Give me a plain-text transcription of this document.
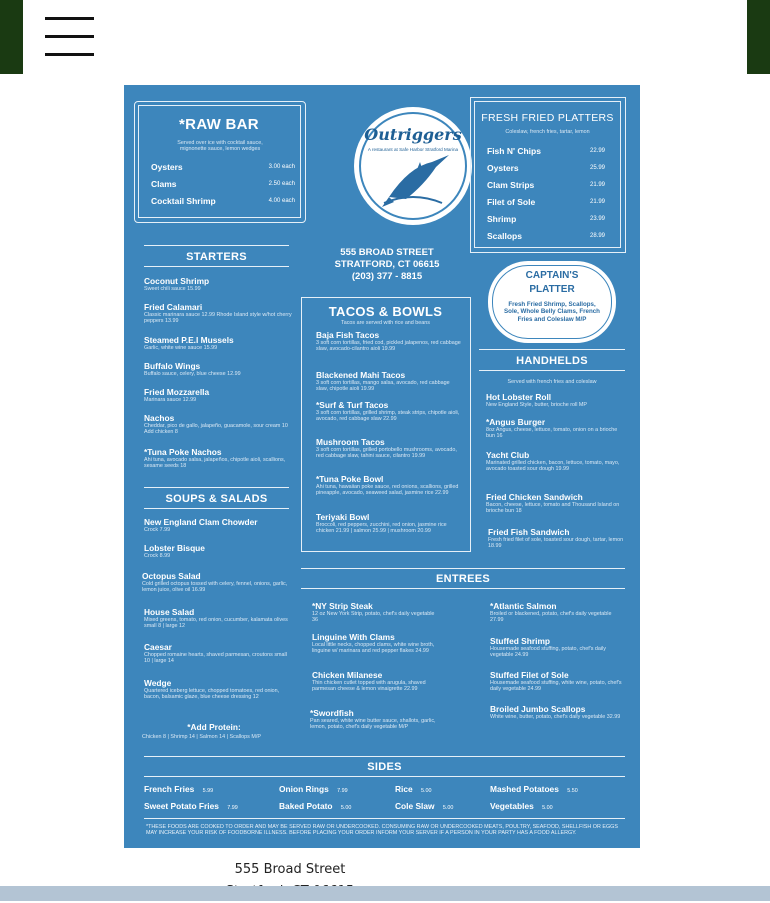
*RAW BAR
Served over ice with cocktail sauce, mignonette sauce, lemon wedges
Oysters	3.00 each
Clams	2.50 each
Cocktail Shrimp	4.00 each
Outriggers
A restaurant at Safe Harbor Stratford Marina
555 BROAD STREET
STRATFORD, CT 06615
(203) 377 - 8815
FRESH FRIED PLATTERS
Coleslaw, french fries, tartar, lemon
Fish N' Chips	22.99
Oysters	25.99
Clam Strips	21.99
Filet of Sole	21.99
Shrimp	23.99
Scallops	28.99
CAPTAIN'S
PLATTER
Fresh Fried Shrimp, Scallops, Sole, Whole Belly Clams, French Fries and Coleslaw M/P
STARTERS
Coconut Shrimp
Sweet chili sauce 15.99
Fried Calamari
Classic marinara sauce 12.99 Rhode Island style w/hot cherry peppers 13.99
Steamed P.E.I Mussels
Garlic, white wine sauce 15.99
Buffalo Wings
Buffalo sauce, celery, blue cheese 12.99
Fried Mozzarella
Marinara sauce 12.99
Nachos
Cheddar, pico de gallo, jalapeño, guacamole, sour cream 10 Add chicken 8
*Tuna Poke Nachos
Ahi tuna, avocado salsa, jalapeños, chipotle aioli, scallions, sesame seeds 18
SOUPS & SALADS
New England Clam Chowder
Crock 7.99
Lobster Bisque
Crock 8.99
Octopus Salad
Cold grilled octopus tossed with celery, fennel, onions, garlic, lemon juice, olive oil 16.99
House Salad
Mixed greens, tomato, red onion, cucumber, kalamata olives small 8 | large 12
Caesar
Chopped romaine hearts, shaved parmesan, croutons small 10 | large 14
Wedge
Quartered iceberg lettuce, chopped tomatoes, red onion, bacon, balsamic glaze, blue cheese dressing 12
*Add Protein:
Chicken 8 | Shrimp 14 | Salmon 14 | Scallops M/P
TACOS & BOWLS
Tacos are served with rice and beans
Baja Fish Tacos
3 soft corn tortillas, fried cod, pickled jalapenos, red cabbage slaw, avocado-cilantro aioli 19.99
Blackened Mahi Tacos
3 soft corn tortillas, mango salsa, avocado, red cabbage slaw, chipotle aioli 19.99
*Surf & Turf Tacos
3 soft corn tortillas, grilled shrimp, steak strips, chipotle aioli, avocado, red cabbage slaw 22.99
Mushroom Tacos
3 soft corn tortillas, grilled portobello mushrooms, avocado, red cabbage slaw, tahini sauce, cilantro 19.99
*Tuna Poke Bowl
Ahi tuna, hawaiian poke sauce, red onions, scallions, grilled pineapple, avocado, seaweed salad, jasmine rice 22.99
Teriyaki Bowl
Broccoli, red peppers, zucchini, red onion, jasmine rice chicken 21.99 | salmon 25.99 | mushroom 20.99
HANDHELDS
Served with french fries and coleslaw
Hot Lobster Roll
New England Style, butter, brioche roll MP
*Angus Burger
8oz Angus, cheese, lettuce, tomato, onion on a brioche bun 16
Yacht Club
Marinated grilled chicken, bacon, lettuce, tomato, mayo, avocado toasted sour dough 19.99
Fried Chicken Sandwich
Bacon, cheese, lettuce, tomato and Thousand Island on brioche bun 18
Fried Fish Sandwich
Fresh fried filet of sole, toasted sour dough, tartar, lemon 18.99
ENTREES
*NY Strip Steak
12 oz New York Strip, potato, chef's daily vegetable 36
Linguine With Clams
Local little necks, chopped clams, white wine broth, linguine w/ marinara and red pepper flakes 24.99
Chicken Milanese
Thin chicken cutlet topped with arugula, shaved parmesan cheese & lemon vinaigrette 22.99
*Swordfish
Pan seared, white wine butter sauce, shallots, garlic, lemon, potato, chef's daily vegetable M/P
*Atlantic Salmon
Broiled or blackened, potato, chef's daily vegetable 27.99
Stuffed Shrimp
Housemade seafood stuffing, potato, chef's daily vegetable 24.99
Stuffed Filet of Sole
Housemade seafood stuffing, white wine, potato, chef's daily vegetable 24.99
Broiled Jumbo Scallops
White wine, butter, potato, chef's daily vegetable 32.99
SIDES
French Fries 5.99	Onion Rings 7.99	Rice 5.00	Mashed Potatoes 5.50
Sweet Potato Fries 7.99	Baked Potato 5.00	Cole Slaw 5.00	Vegetables 5.00
*THESE FOODS ARE COOKED TO ORDER AND MAY BE SERVED RAW OR UNDERCOOKED. CONSUMING RAW OR UNDERCOOKED MEATS, POULTRY, SEAFOOD, SHELLFISH OR EGGS MAY INCREASE YOUR RISK OF FOODBORNE ILLNESS. BEFORE PLACING YOUR ORDER INFORM YOUR SERVER IF A PERSON IN YOUR PARTY HAS A FOOD ALLERGY.
555 Broad Street
